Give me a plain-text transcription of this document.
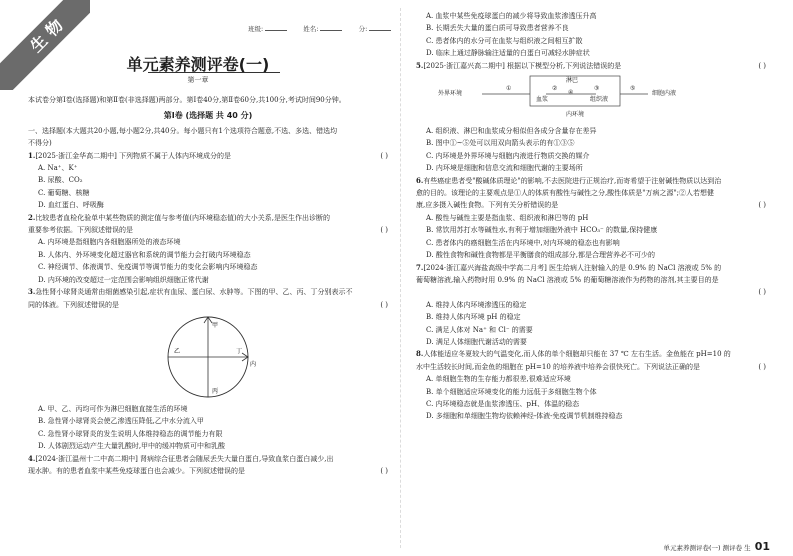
生物	班级:	姓名:	分:
单元素养测评卷(一)
第一章

本试卷分第Ⅰ卷(选择题)和第Ⅱ卷(非选择题)两部分。第Ⅰ卷40分,第Ⅱ卷60分,共100分,考试时间90分钟。

第Ⅰ卷 (选择题 共 40 分)

一、选择题(本大题共20小题,每小题2分,共40分。每小题只有1个选项符合题意,不选、多选、错选均

不得分)

1.[2025·浙江金华高二期中] 下列物质不属于人体内环境成分的是	( )

A. Na⁺、K⁺

B. 尿酸、CO₂

C. 葡萄糖、核糖

D. 血红蛋白、呼吸酶

2.比较患者血检化验单中某些物质的测定值与参考值(内环境稳态值)的大小关系,是医生作出诊断的

重要参考依据。下列叙述错误的是	( )

A. 内环境是指细胞内各细胞器所处的液态环境

B. 人体内、外环境变化超过器官和系统的调节能力会打破内环境稳态

C. 神经调节、体液调节、免疫调节等调节能力的变化会影响内环境稳态

D. 内环境的改变超过一定范围会影响组织细胞正常代谢

3.急性肾小球肾炎通常由细菌感染引起,症状有血尿、蛋白尿、水肿等。下图的甲、乙、丙、丁分别表示不

同的体液。下列叙述错误的是	( )

甲
乙
丙
丁
内

A. 甲、乙、丙均可作为淋巴细胞直接生活的环境

B. 急性肾小球肾炎会使乙渗透压降低,乙中水分流入甲

C. 急性肾小球肾炎的发生说明人体维持稳态的调节能力有限

D. 人体剧烈运动产生大量乳酸时,甲中的缓冲物质可中和乳酸

4.[2024·浙江温州十二中高二期中] 肾病综合征患者会随尿丢失大量白蛋白,导致血浆白蛋白减少,出

现水肿。有的患者血浆中某些免疫球蛋白也会减少。下列叙述错误的是	( )

A. 血浆中某些免疫球蛋白的减少将导致血浆渗透压升高

B. 长期丢失大量的蛋白质可导致患者营养不良

C. 患者体内的水分可在血浆与组织液之间相互扩散

D. 临床上通过静脉输注适量的白蛋白可减轻水肿症状

5.[2025·浙江嘉兴高二期中] 根据以下模型分析,下列说法错误的是	( )

外界环境
淋巴
血浆	组织液
细胞内液
内环境
①	②	③
④
⑤

A. 组织液、淋巴和血浆成分相似但各成分含量存在差异

B. 图中①~⑤处可以用双向箭头表示的有①③⑤

C. 内环境是外界环境与细胞内液进行物质交换的媒介

D. 内环境是细胞和信息交流和细胞代谢的主要场所

6.有些癌症患者受"酸碱体质理论"的影响,不去医院进行正规治疗,而寄希望于注射碱性物质以达到治

愈的目的。该理论的主要观点是①人的体质有酸性与碱性之分,酸性体质是"万病之源";②人若想健

康,应多摄入碱性食物。下列有关分析错误的是	( )

A. 酸性与碱性主要是指血浆、组织液和淋巴等的 pH

B. 常饮用苏打水等碱性水,有利于增加细胞外液中 HCO₃⁻ 的数量,保持健康

C. 患者体内的癌细胞生活在内环境中,对内环境的稳态也有影响

D. 酸性食物和碱性食物都是平衡膳食的组成部分,都是合理营养必不可少的

7.[2024·浙江嘉兴海盐高级中学高二月考] 医生给病人注射输入的是 0.9% 的 NaCl 溶液或 5% 的

葡萄糖溶液,输入药物时用 0.9% 的 NaCl 溶液或 5% 的葡萄糖溶液作为药物的溶剂,其主要目的是

( )

A. 维持人体内环境渗透压的稳定

B. 维持人体内环境 pH 的稳定

C. 满足人体对 Na⁺ 和 Cl⁻ 的需要

D. 满足人体细胞代谢活动的需要

8.人体能适应冬夏较大的气温变化,而人体的单个细胞却只能在 37 ℃ 左右生活。金鱼能在 pH=10 的

水中生活较长时间,而金鱼的细胞在 pH=10 的培养液中培养会很快死亡。下列说法正确的是	( )

A. 单细胞生物的生存能力都很差,很难适应环境

B. 单个细胞适应环境变化的能力远低于多细胞生物个体

C. 内环境稳态就是血浆渗透压、pH、体温的稳态

D. 多细胞和单细胞生物均依赖神经-体液-免疫调节机制维持稳态

单元素养测评卷(一) 测评卷 生 01
